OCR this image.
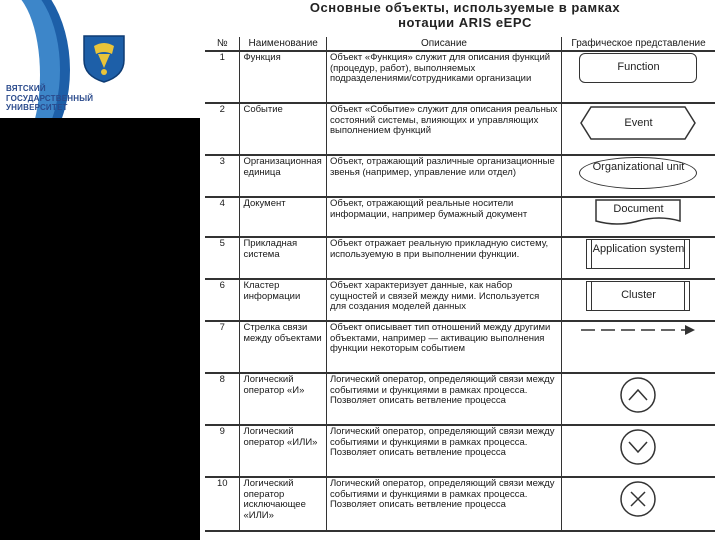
ВЯТСКИЙ
ГОСУДАРСТВЕННЫЙ
УНИВЕРСИТЕТ
Основные объекты, используемые в рамках
нотации ARIS eEPC
№	Наименование	Описание	Графическое представление
1	Функция	Объект «Функция» служит для описания функций (процедур, работ), выполняемых подразделениями/сотрудниками организации	Function
2	Событие	Объект «Событие» служит для описания реальных состояний системы, влияющих и управляющих выполнением функций	Event
3	Организационная единица	Объект, отражающий различные организационные звенья (например, управление или отдел)	Organizational unit
4	Документ	Объект, отражающий реальные носители информации, например бумажный документ	Document
5	Прикладная система	Объект отражает реальную прикладную систему, используемую в при выполнении функции.	Application system
6	Кластер информации	Объект характеризует данные, как набор сущностей и связей между ними. Используется для создания моделей данных	Cluster
7	Стрелка связи между объектами	Объект описывает тип отношений между другими объектами, например — активацию выполнения функции некоторым событием	
8	Логический оператор «И»	Логический оператор, определяющий связи между событиями и функциями в рамках процесса. Позволяет описать ветвление процесса	
9	Логический оператор «ИЛИ»	Логический оператор, определяющий связи между событиями и функциями в рамках процесса. Позволяет описать ветвление процесса	
10	Логический оператор исключающее «ИЛИ»	Логический оператор, определяющий связи между событиями и функциями в рамках процесса. Позволяет описать ветвление процесса	
